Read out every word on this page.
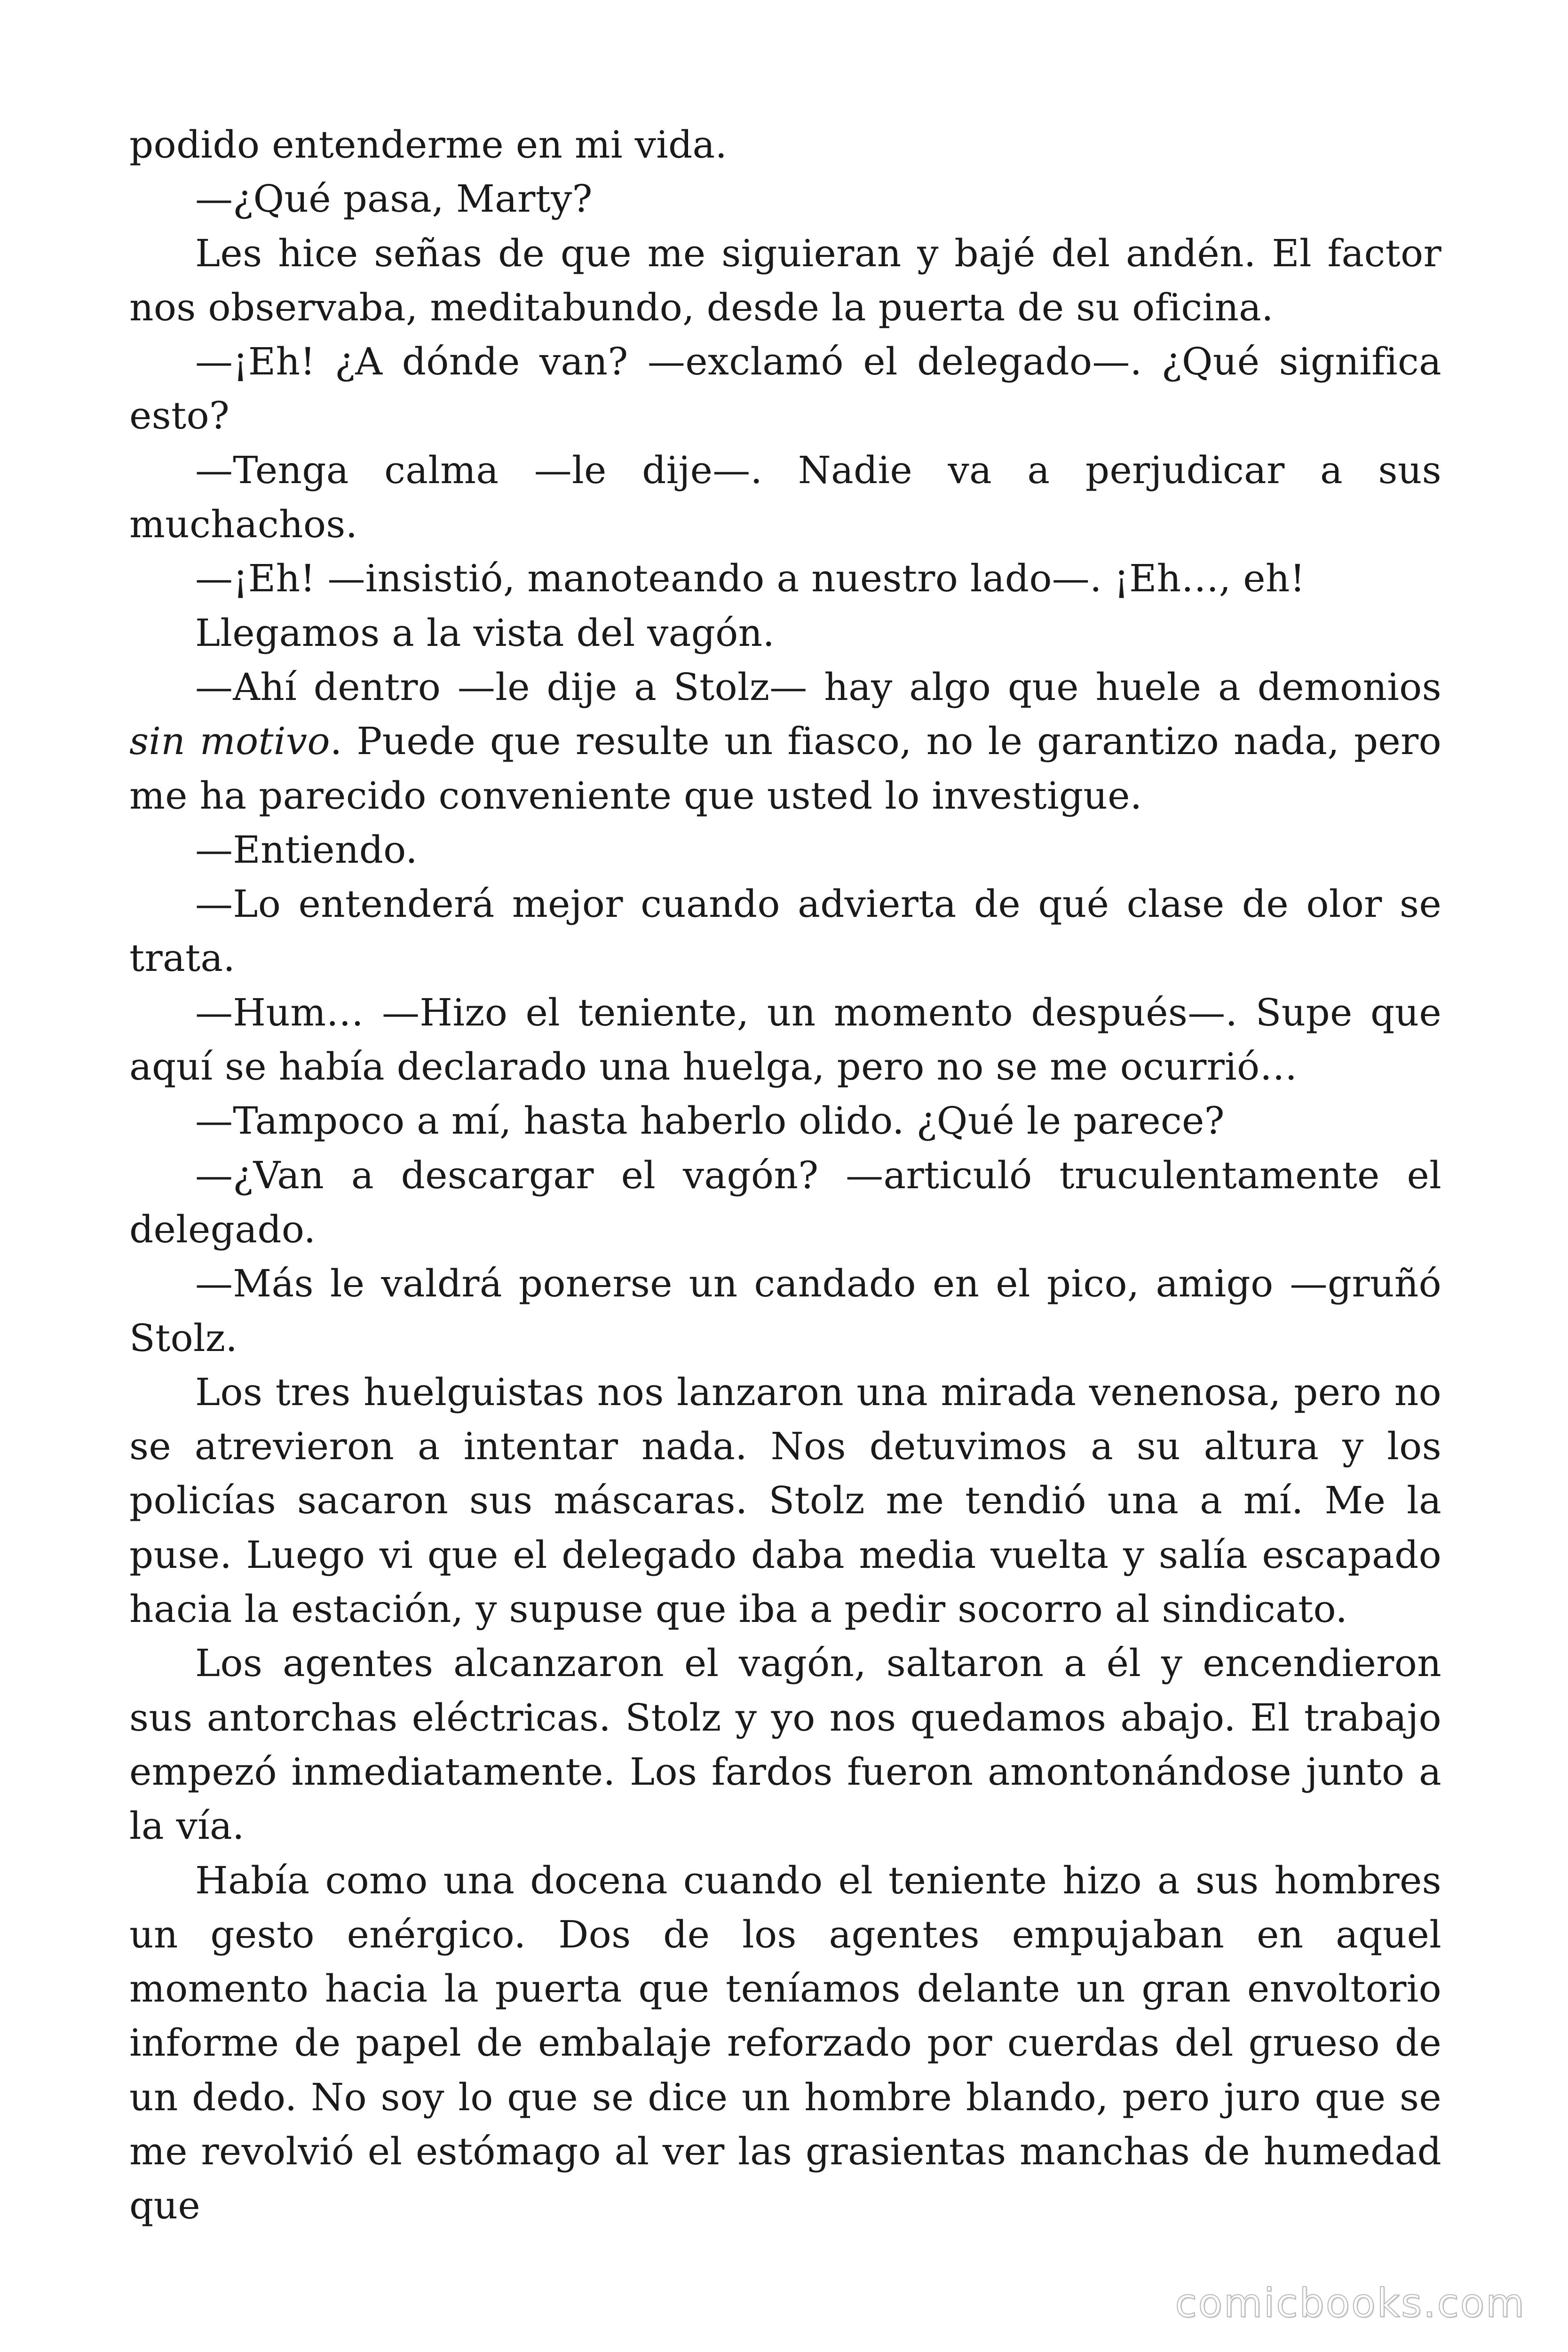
podido entenderme en mi vida.

—¿Qué pasa, Marty?

Les hice señas de que me siguieran y bajé del andén. El factor nos observaba, meditabundo, desde la puerta de su oficina.

—¡Eh! ¿A dónde van? —exclamó el delegado—. ¿Qué significa esto?

—Tenga calma —le dije—. Nadie va a perjudicar a sus muchachos.

—¡Eh! —insistió, manoteando a nuestro lado—. ¡Eh…, eh!

Llegamos a la vista del vagón.

—Ahí dentro —le dije a Stolz— hay algo que huele a demonios sin motivo. Puede que resulte un fiasco, no le garantizo nada, pero me ha parecido conveniente que usted lo investigue.

—Entiendo.

—Lo entenderá mejor cuando advierta de qué clase de olor se trata.

—Hum… —Hizo el teniente, un momento después—. Supe que aquí se había declarado una huelga, pero no se me ocurrió…

—Tampoco a mí, hasta haberlo olido. ¿Qué le parece?

—¿Van a descargar el vagón? —articuló truculentamente el delegado.

—Más le valdrá ponerse un candado en el pico, amigo —gruñó Stolz.

Los tres huelguistas nos lanzaron una mirada venenosa, pero no se atrevieron a intentar nada. Nos detuvimos a su altura y los policías sacaron sus máscaras. Stolz me tendió una a mí. Me la puse. Luego vi que el delegado daba media vuelta y salía escapado hacia la estación, y supuse que iba a pedir socorro al sindicato.

Los agentes alcanzaron el vagón, saltaron a él y encendieron sus antorchas eléctricas. Stolz y yo nos quedamos abajo. El trabajo empezó inmediatamente. Los fardos fueron amontonándose junto a la vía.

Había como una docena cuando el teniente hizo a sus hombres un gesto enérgico. Dos de los agentes empujaban en aquel momento hacia la puerta que teníamos delante un gran envoltorio informe de papel de embalaje reforzado por cuerdas del grueso de un dedo. No soy lo que se dice un hombre blando, pero juro que se me revolvió el estómago al ver las grasientas manchas de humedad que

comicbooks.com
